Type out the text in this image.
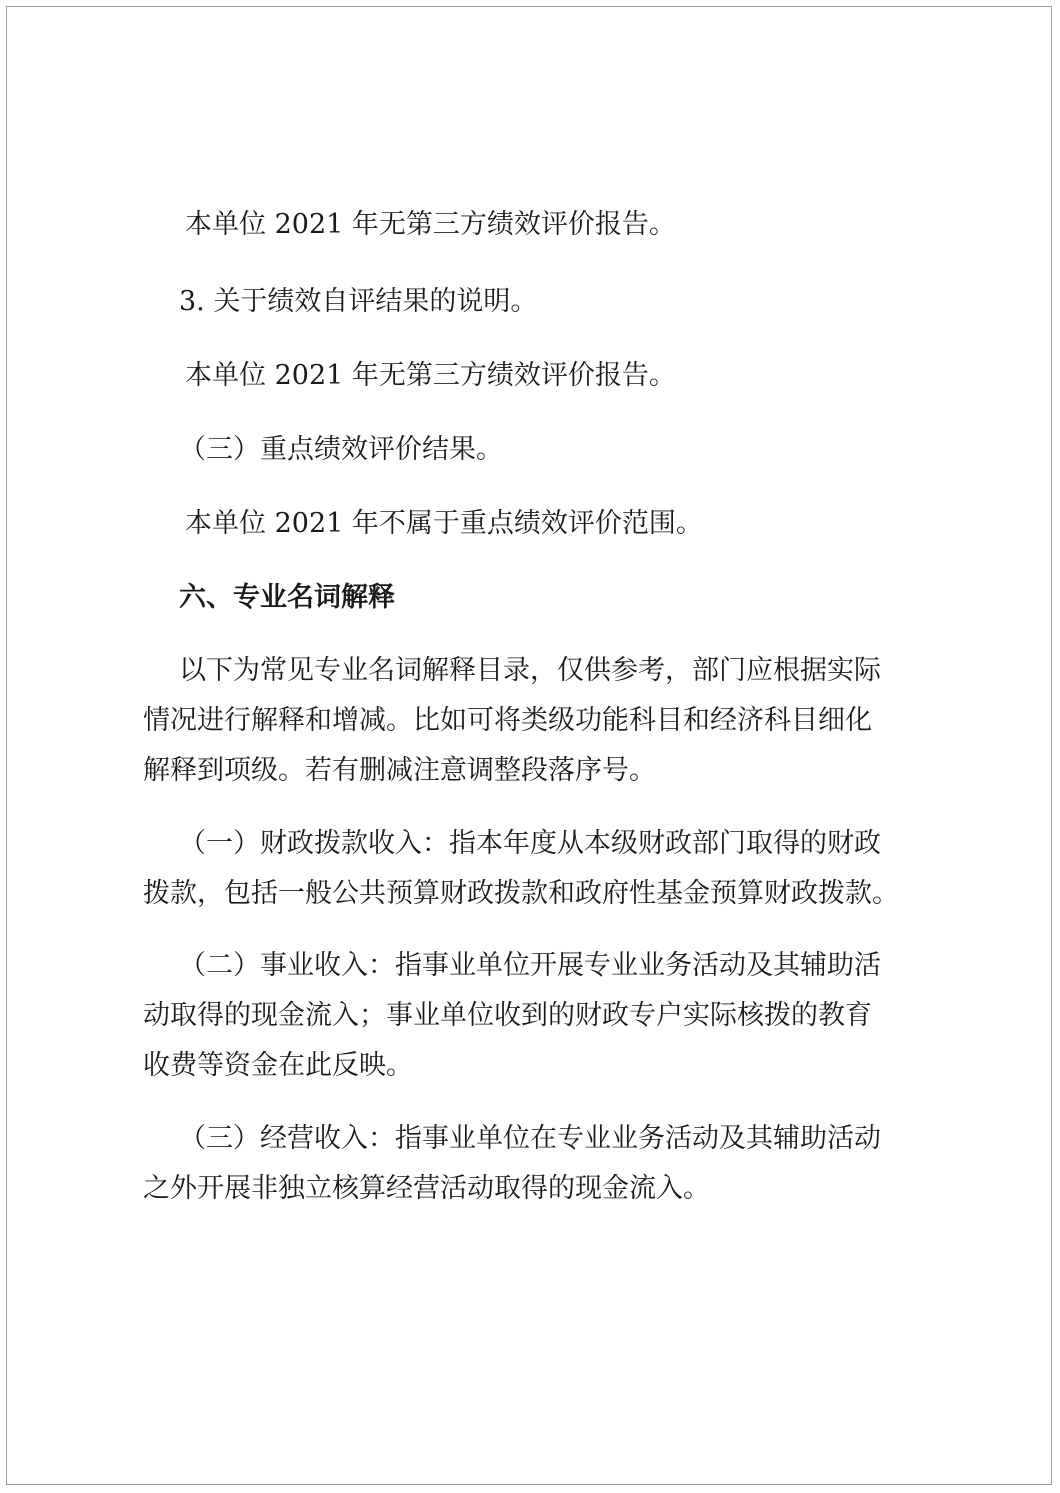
本单位 2021 年无第三方绩效评价报告。

3. 关于绩效自评结果的说明。

本单位 2021 年无第三方绩效评价报告。

（三）重点绩效评价结果。

本单位 2021 年不属于重点绩效评价范围。

六、专业名词解释

以下为常见专业名词解释目录，仅供参考，部门应根据实际

情况进行解释和增减。比如可将类级功能科目和经济科目细化

解释到项级。若有删减注意调整段落序号。

（一）财政拨款收入：指本年度从本级财政部门取得的财政

拨款，包括一般公共预算财政拨款和政府性基金预算财政拨款。

（二）事业收入：指事业单位开展专业业务活动及其辅助活

动取得的现金流入；事业单位收到的财政专户实际核拨的教育

收费等资金在此反映。

（三）经营收入：指事业单位在专业业务活动及其辅助活动

之外开展非独立核算经营活动取得的现金流入。
